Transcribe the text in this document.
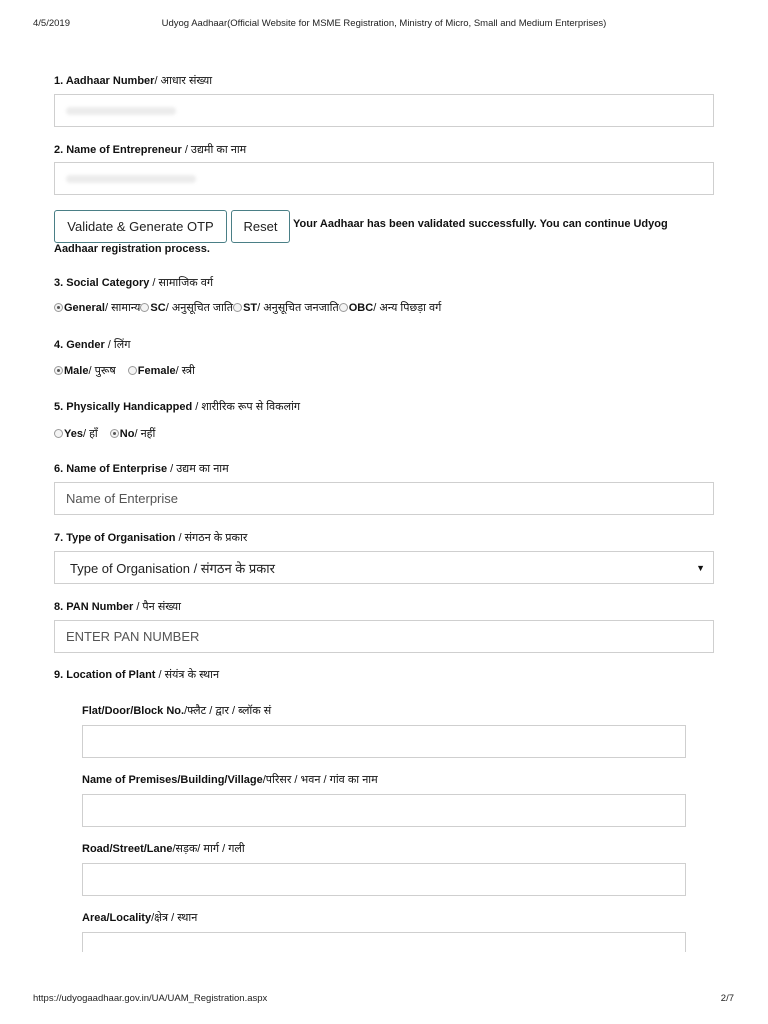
4/5/2019	Udyog Aadhaar(Official Website for MSME Registration, Ministry of Micro, Small and Medium Enterprises)
1. Aadhaar Number/ आधार संख्या
2. Name of Entrepreneur / उद्यमी का नाम
Validate & Generate OTP	Reset	Your Aadhaar has been validated successfully. You can continue Udyog
Aadhaar registration process.
3. Social Category / सामाजिक वर्ग
General / सामान्य SC / अनुसूचित जाति ST / अनुसूचित जनजाति OBC / अन्य पिछड़ा वर्ग
4. Gender / लिंग
Male / पुरूष Female / स्त्री
5. Physically Handicapped / शारीरिक रूप से विकलांग
Yes / हाँ No / नहीं
6. Name of Enterprise / उद्यम का नाम
Name of Enterprise
7. Type of Organisation / संगठन के प्रकार
Type of Organisation / संगठन के प्रकार	▼
8. PAN Number / पैन संख्या
ENTER PAN NUMBER
9. Location of Plant / संयंत्र के स्थान
Flat/Door/Block No./फ्लैट / द्वार / ब्लॉक सं
Name of Premises/Building/Village/परिसर / भवन / गांव का नाम
Road/Street/Lane/सड़क/ मार्ग / गली
Area/Locality/क्षेत्र / स्थान
https://udyogaadhaar.gov.in/UA/UAM_Registration.aspx	2/7
